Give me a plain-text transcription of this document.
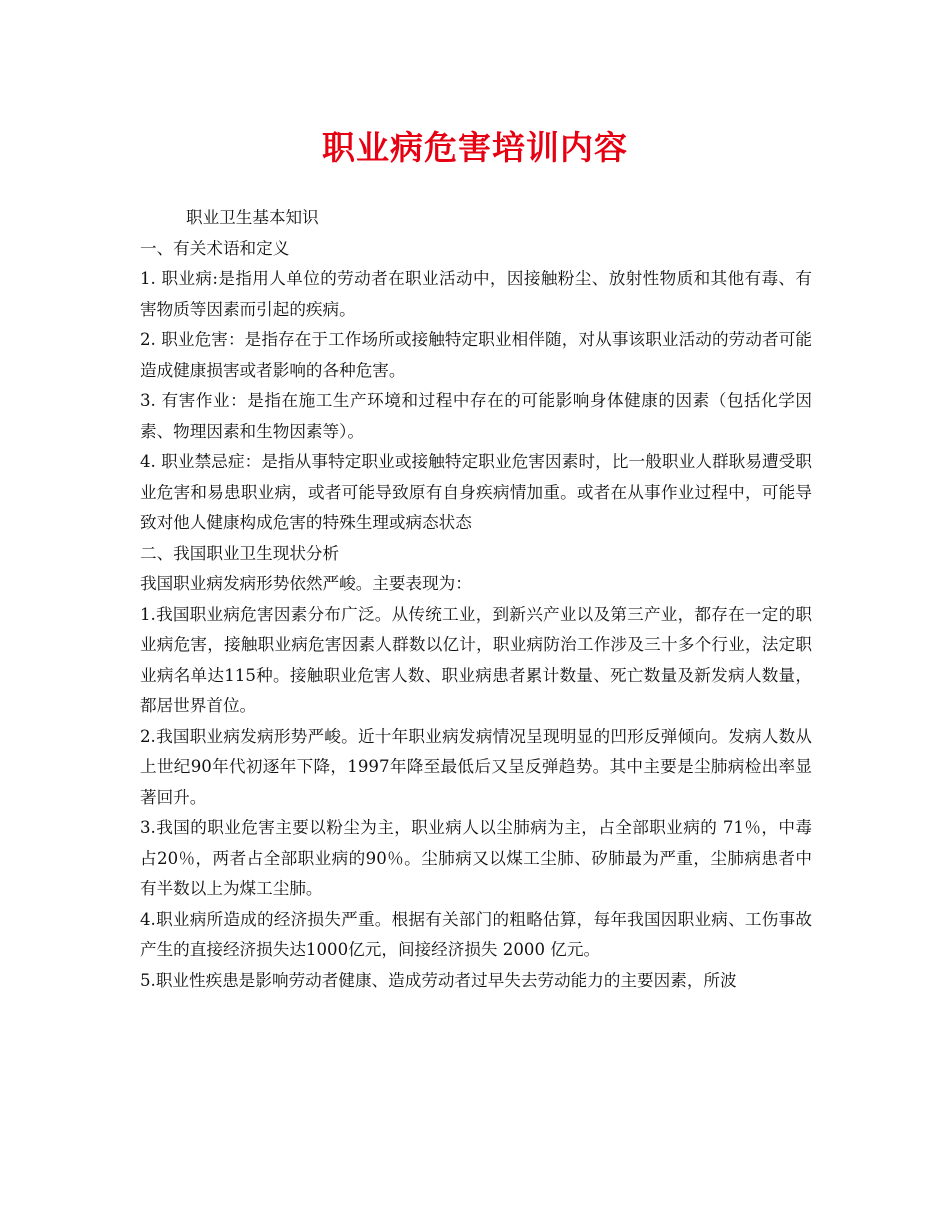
职业病危害培训内容

职业卫生基本知识

一、有关术语和定义

1. 职业病:是指用人单位的劳动者在职业活动中，因接触粉尘、放射性物质和其他有毒、有害物质等因素而引起的疾病。

2. 职业危害：是指存在于工作场所或接触特定职业相伴随，对从事该职业活动的劳动者可能造成健康损害或者影响的各种危害。

3. 有害作业：是指在施工生产环境和过程中存在的可能影响身体健康的因素（包括化学因素、物理因素和生物因素等）。

4. 职业禁忌症：是指从事特定职业或接触特定职业危害因素时，比一般职业人群耿易遭受职业危害和易患职业病，或者可能导致原有自身疾病情加重。或者在从事作业过程中，可能导致对他人健康构成危害的特殊生理或病态状态

二、我国职业卫生现状分析

我国职业病发病形势依然严峻。主要表现为：

1.我国职业病危害因素分布广泛。从传统工业，到新兴产业以及第三产业，都存在一定的职业病危害，接触职业病危害因素人群数以亿计，职业病防治工作涉及三十多个行业，法定职业病名单达115种。接触职业危害人数、职业病患者累计数量、死亡数量及新发病人数量，都居世界首位。

2.我国职业病发病形势严峻。近十年职业病发病情况呈现明显的凹形反弹倾向。发病人数从上世纪90年代初逐年下降，1997年降至最低后又呈反弹趋势。其中主要是尘肺病检出率显著回升。

3.我国的职业危害主要以粉尘为主，职业病人以尘肺病为主，占全部职业病的 71％，中毒占20％，两者占全部职业病的90％。尘肺病又以煤工尘肺、矽肺最为严重，尘肺病患者中有半数以上为煤工尘肺。

4.职业病所造成的经济损失严重。根据有关部门的粗略估算，每年我国因职业病、工伤事故产生的直接经济损失达1000亿元，间接经济损失 2000 亿元。

5.职业性疾患是影响劳动者健康、造成劳动者过早失去劳动能力的主要因素，所波
